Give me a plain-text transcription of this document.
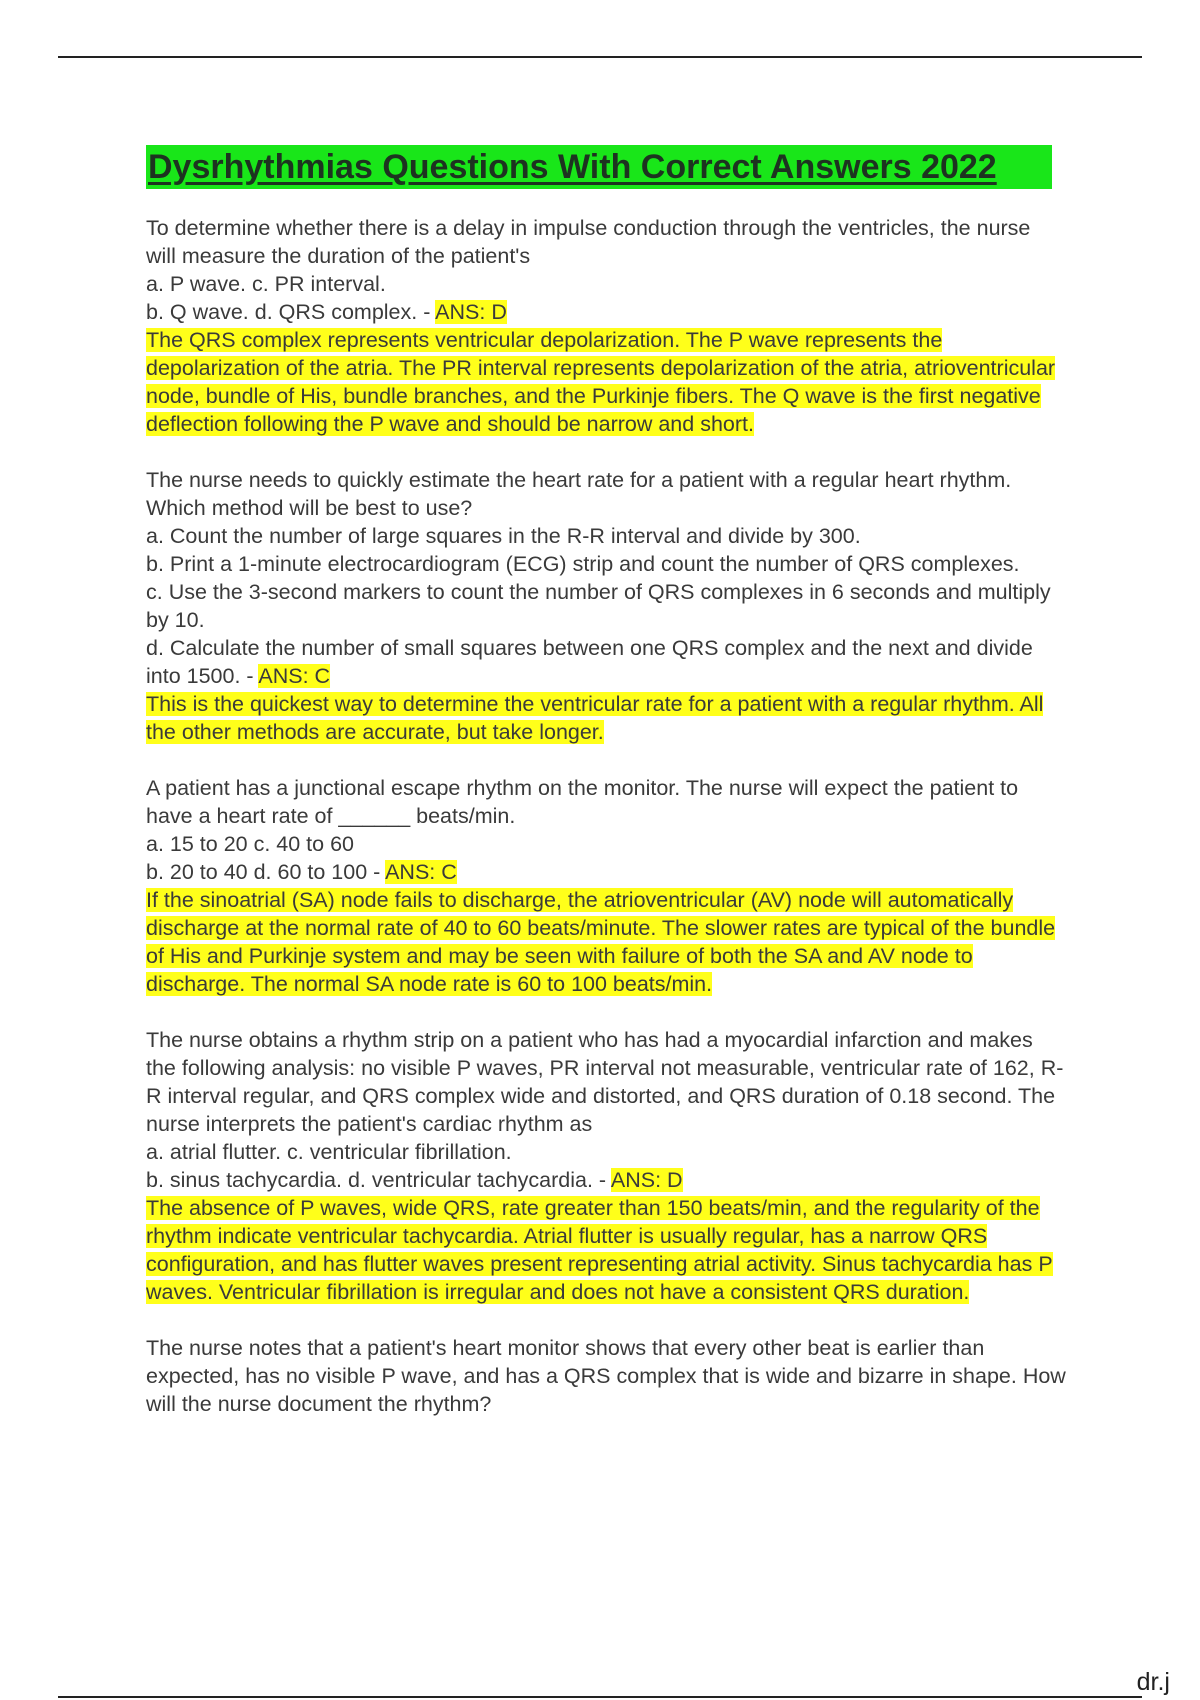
Dysrhythmias Questions With Correct Answers 2022
To determine whether there is a delay in impulse conduction through the ventricles, the nurse will measure the duration of the patient's
a. P wave. c. PR interval.
b. Q wave. d. QRS complex. - ANS: D
The QRS complex represents ventricular depolarization. The P wave represents the depolarization of the atria. The PR interval represents depolarization of the atria, atrioventricular node, bundle of His, bundle branches, and the Purkinje fibers. The Q wave is the first negative deflection following the P wave and should be narrow and short.
The nurse needs to quickly estimate the heart rate for a patient with a regular heart rhythm. Which method will be best to use?
a. Count the number of large squares in the R-R interval and divide by 300.
b. Print a 1-minute electrocardiogram (ECG) strip and count the number of QRS complexes.
c. Use the 3-second markers to count the number of QRS complexes in 6 seconds and multiply by 10.
d. Calculate the number of small squares between one QRS complex and the next and divide into 1500. - ANS: C
This is the quickest way to determine the ventricular rate for a patient with a regular rhythm. All the other methods are accurate, but take longer.
A patient has a junctional escape rhythm on the monitor. The nurse will expect the patient to have a heart rate of ______ beats/min.
a. 15 to 20 c. 40 to 60
b. 20 to 40 d. 60 to 100 - ANS: C
If the sinoatrial (SA) node fails to discharge, the atrioventricular (AV) node will automatically discharge at the normal rate of 40 to 60 beats/minute. The slower rates are typical of the bundle of His and Purkinje system and may be seen with failure of both the SA and AV node to discharge. The normal SA node rate is 60 to 100 beats/min.
The nurse obtains a rhythm strip on a patient who has had a myocardial infarction and makes the following analysis: no visible P waves, PR interval not measurable, ventricular rate of 162, R-R interval regular, and QRS complex wide and distorted, and QRS duration of 0.18 second. The nurse interprets the patient's cardiac rhythm as
a. atrial flutter. c. ventricular fibrillation.
b. sinus tachycardia. d. ventricular tachycardia. - ANS: D
The absence of P waves, wide QRS, rate greater than 150 beats/min, and the regularity of the rhythm indicate ventricular tachycardia. Atrial flutter is usually regular, has a narrow QRS configuration, and has flutter waves present representing atrial activity. Sinus tachycardia has P waves. Ventricular fibrillation is irregular and does not have a consistent QRS duration.
The nurse notes that a patient's heart monitor shows that every other beat is earlier than expected, has no visible P wave, and has a QRS complex that is wide and bizarre in shape. How will the nurse document the rhythm?
dr.j
